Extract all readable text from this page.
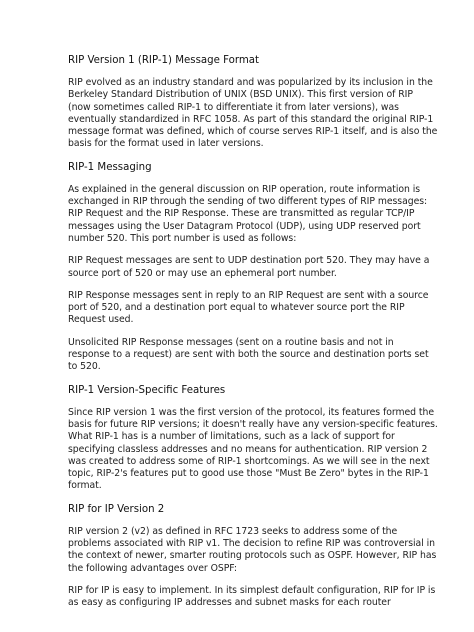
RIP Version 1 (RIP-1) Message Format

RIP evolved as an industry standard and was popularized by its inclusion in the Berkeley Standard Distribution of UNIX (BSD UNIX). This first version of RIP (now sometimes called RIP-1 to differentiate it from later versions), was eventually standardized in RFC 1058. As part of this standard the original RIP-1 message format was defined, which of course serves RIP-1 itself, and is also the basis for the format used in later versions.

RIP-1 Messaging

As explained in the general discussion on RIP operation, route information is exchanged in RIP through the sending of two different types of RIP messages: RIP Request and the RIP Response. These are transmitted as regular TCP/IP messages using the User Datagram Protocol (UDP), using UDP reserved port number 520. This port number is used as follows:

RIP Request messages are sent to UDP destination port 520. They may have a source port of 520 or may use an ephemeral port number.

RIP Response messages sent in reply to an RIP Request are sent with a source port of 520, and a destination port equal to whatever source port the RIP Request used.

Unsolicited RIP Response messages (sent on a routine basis and not in response to a request) are sent with both the source and destination ports set to 520.

RIP-1 Version-Specific Features

Since RIP version 1 was the first version of the protocol, its features formed the basis for future RIP versions; it doesn't really have any version-specific features. What RIP-1 has is a number of limitations, such as a lack of support for specifying classless addresses and no means for authentication. RIP version 2 was created to address some of RIP-1 shortcomings. As we will see in the next topic, RIP-2's features put to good use those "Must Be Zero" bytes in the RIP-1 format.

RIP for IP Version 2

RIP version 2 (v2) as defined in RFC 1723 seeks to address some of the problems associated with RIP v1. The decision to refine RIP was controversial in the context of newer, smarter routing protocols such as OSPF. However, RIP has the following advantages over OSPF:

RIP for IP is easy to implement. In its simplest default configuration, RIP for IP is as easy as configuring IP addresses and subnet masks for each router
